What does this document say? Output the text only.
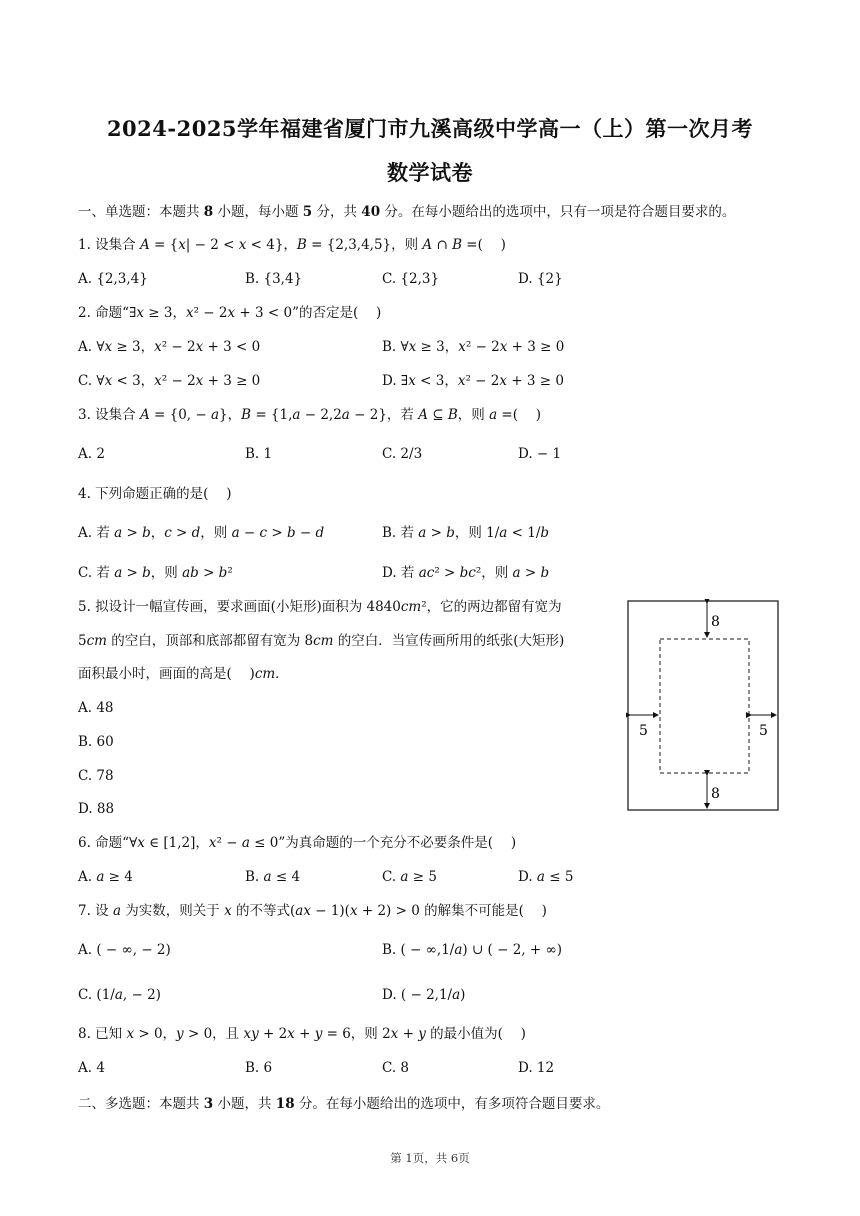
2024-2025学年福建省厦门市九溪高级中学高一（上）第一次月考
数学试卷
一、单选题：本题共 8 小题，每小题 5 分，共 40 分。在每小题给出的选项中，只有一项是符合题目要求的。
1. 设集合 𝐴 = {𝑥| − 2 < 𝑥 < 4}，𝐵 = {2,3,4,5}，则 𝐴 ∩ 𝐵 =(　 )
A. {2,3,4}	B. {3,4}	C. {2,3}	D. {2}
2. 命题“∃𝑥 ≥ 3，𝑥² − 2𝑥 + 3 < 0”的否定是(　 )
A. ∀𝑥 ≥ 3，𝑥² − 2𝑥 + 3 < 0	B. ∀𝑥 ≥ 3，𝑥² − 2𝑥 + 3 ≥ 0
C. ∀𝑥 < 3，𝑥² − 2𝑥 + 3 ≥ 0	D. ∃𝑥 < 3，𝑥² − 2𝑥 + 3 ≥ 0
3. 设集合 𝐴 = {0, − 𝑎}，𝐵 = {1,𝑎 − 2,2𝑎 − 2}，若 𝐴 ⊆ 𝐵，则 𝑎 =(　 )
A. 2	B. 1	C. 2/3	D. − 1
4. 下列命题正确的是(　 )
A. 若 𝑎 > 𝑏，𝑐 > 𝑑，则 𝑎 − 𝑐 > 𝑏 − 𝑑	B. 若 𝑎 > 𝑏，则 1/𝑎 < 1/𝑏
C. 若 𝑎 > 𝑏，则 𝑎𝑏 > 𝑏²	D. 若 𝑎𝑐² > 𝑏𝑐²，则 𝑎 > 𝑏
5. 拟设计一幅宣传画，要求画面(小矩形)面积为 4840𝑐𝑚²，它的两边都留有宽为
5𝑐𝑚 的空白，顶部和底部都留有宽为 8𝑐𝑚 的空白．当宣传画所用的纸张(大矩形)
面积最小时，画面的高是(　 )𝑐𝑚．
A. 48
B. 60
C. 78
D. 88
8
8
5	5
6. 命题“∀𝑥 ∈ [1,2]，𝑥² − 𝑎 ≤ 0”为真命题的一个充分不必要条件是(　 )
A. 𝑎 ≥ 4	B. 𝑎 ≤ 4	C. 𝑎 ≥ 5	D. 𝑎 ≤ 5
7. 设 𝑎 为实数，则关于 𝑥 的不等式(𝑎𝑥 − 1)(𝑥 + 2) > 0 的解集不可能是(　 )
A. ( − ∞, − 2)	B. ( − ∞,1/𝑎) ∪ ( − 2, + ∞)
C. (1/𝑎, − 2)	D. ( − 2,1/𝑎)
8. 已知 𝑥 > 0，𝑦 > 0，且 𝑥𝑦 + 2𝑥 + 𝑦 = 6，则 2𝑥 + 𝑦 的最小值为(　 )
A. 4	B. 6	C. 8	D. 12
二、多选题：本题共 3 小题，共 18 分。在每小题给出的选项中，有多项符合题目要求。
第 1页，共 6页
